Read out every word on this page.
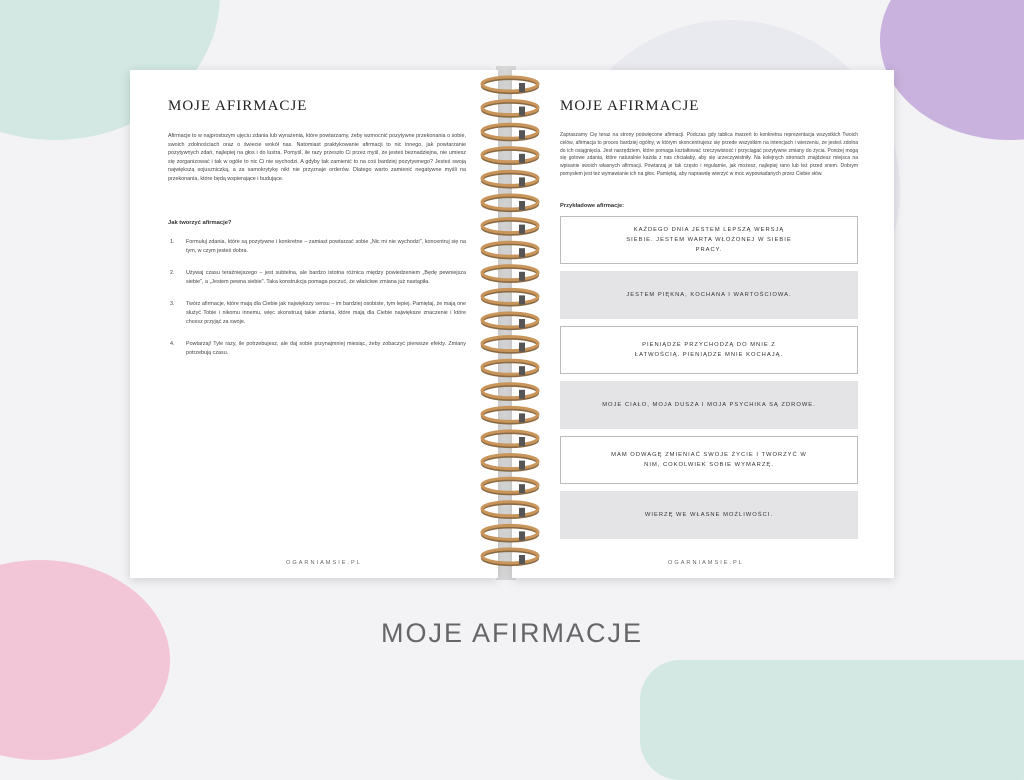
MOJE AFIRMACJE
Afirmacje to w najprostszym ujęciu zdania lub wyrażenia, które powtarzamy, żeby wzmocnić pozytywne przekonania o sobie, swoich zdolnościach oraz o świecie wokół nas. Natomiast praktykowanie afirmacji to nic innego, jak powtarzanie pozytywnych zdań, najlepiej na głos i do lustra. Pomyśl, ile razy przeszło Ci przez myśl, że jesteś beznadziejna, nie umiesz się zorganizować i tak w ogóle to nic Ci nie wychodzi. A gdyby tak zamienić to na coś bardziej pozytywnego? Jesteś swoją największą sojuszniczką, a za samokrytykę nikt nie przyznaje orderów. Dlatego warto zamienić negatywne myśli na przekonania, które będą wspierające i budujące.
Jak tworzyć afirmacje?
1. Formułuj zdania, które są pozytywne i konkretne – zamiast powtarzać sobie „Nic mi nie wychodzi", koncentruj się na tym, w czym jesteś dobra.
2. Używaj czasu teraźniejszego – jest subtelna, ale bardzo istotna różnica między powiedzeniem „Będę pewniejsza siebie", a „Jestem pewna siebie". Taka konstrukcja pomaga poczuć, że właściwe zmiana już nastąpiła.
3. Twórz afirmacje, które mają dla Ciebie jak największy sensu – im bardziej osobiste, tym lepiej. Pamiętaj, że mają one służyć Tobie i nikomu innemu, więc skonstruuj takie zdania, które mają dla Ciebie największe znaczenie i które chcesz przyjąć za swoje.
4. Powtarzaj! Tyle razy, ile potrzebujesz, ale daj sobie przynajmniej miesiąc, żeby zobaczyć pierwsze efekty. Zmiany potrzebują czasu.
OGARNIAMSIE.PL
MOJE AFIRMACJE
Zapraszamy Cię teraz na strony poświęcone afirmacji. Podczas gdy tablica marzeń to konkretna reprezentacja wszystkich Twoich celów, afirmacja to proces bardziej ogólny, w którym skoncentrujesz się przede wszystkim na intencjach i wierzeniu, że jesteś zdolna do ich osiągnięcia. Jest narzędziem, które pomaga kształtować rzeczywistość i przyciągać pozytywne zmiany do życia. Poniżej mogą się gotowe zdania, które naturalnie każda z nas chciałaby, aby się urzeczywistniły. Na kolejnych stronach znajdziesz miejsca na wpisanie swoich własnych afirmacji. Powtarzaj je tak często i regularnie, jak możesz, najlepiej rano lub też przed snem. Dobrym pomysłem jest też wymawianie ich na głos. Pamiętaj, aby naprawdę wierzyć w moc wypowiadanych przez Ciebie słów.
Przykładowe afirmacje:
KAŻDEGO DNIA JESTEM LEPSZĄ WERSJĄ SIEBIE. JESTEM WARTA WŁOŻONEJ W SIEBIE PRACY.
JESTEM PIĘKNA, KOCHANA I WARTOŚCIOWA.
PIENIĄDZE PRZYCHODZĄ DO MNIE Z ŁATWOŚCIĄ. PIENIĄDZE MNIE KOCHAJĄ.
MOJE CIAŁO, MOJA DUSZA I MOJA PSYCHIKA SĄ ZDROWE.
MAM ODWAGĘ ZMIENIAĆ SWOJE ŻYCIE I TWORZYĆ W NIM, COKOLWIEK SOBIE WYMARZĘ.
WIERZĘ WE WŁASNE MOŻLIWOŚCI.
OGARNIAMSIE.PL
MOJE AFIRMACJE
